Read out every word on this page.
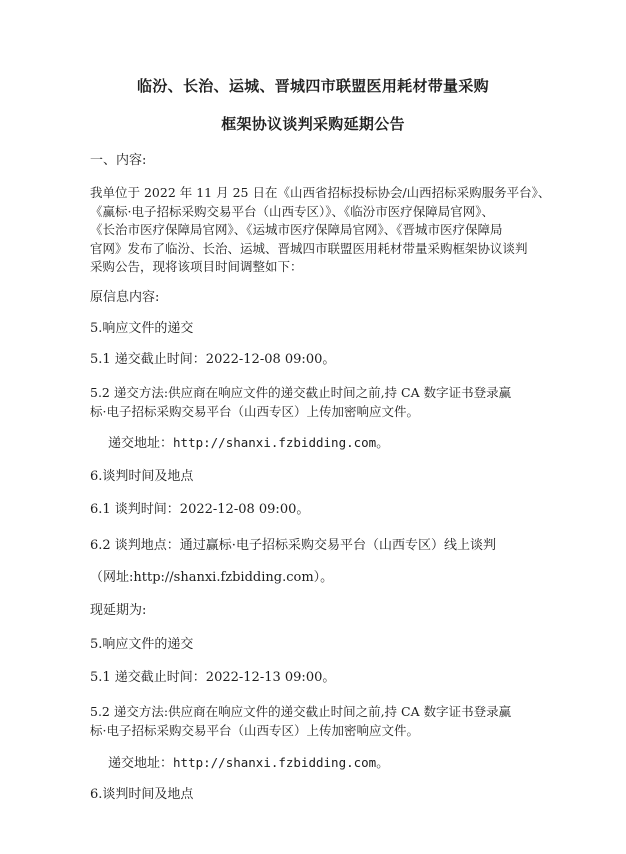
临汾、长治、运城、晋城四市联盟医用耗材带量采购
框架协议谈判采购延期公告

一、内容:

我单位于 2022 年 11 月 25 日在《山西省招标投标协会/山西招标采购服务平台》、
《赢标·电子招标采购交易平台（山西专区）》、《临汾市医疗保障局官网》、
《长治市医疗保障局官网》、《运城市医疗保障局官网》、《晋城市医疗保障局
官网》发布了临汾、长治、运城、晋城四市联盟医用耗材带量采购框架协议谈判
采购公告，现将该项目时间调整如下：

原信息内容:

5.响应文件的递交

5.1 递交截止时间：2022-12-08 09:00。

5.2 递交方法:供应商在响应文件的递交截止时间之前,持 CA 数字证书登录赢
标·电子招标采购交易平台（山西专区）上传加密响应文件。

递交地址：http://shanxi.fzbidding.com。

6.谈判时间及地点

6.1 谈判时间：2022-12-08 09:00。

6.2 谈判地点：通过赢标·电子招标采购交易平台（山西专区）线上谈判

（网址:http://shanxi.fzbidding.com）。

现延期为:

5.响应文件的递交

5.1 递交截止时间：2022-12-13 09:00。

5.2 递交方法:供应商在响应文件的递交截止时间之前,持 CA 数字证书登录赢
标·电子招标采购交易平台（山西专区）上传加密响应文件。

递交地址：http://shanxi.fzbidding.com。

6.谈判时间及地点
